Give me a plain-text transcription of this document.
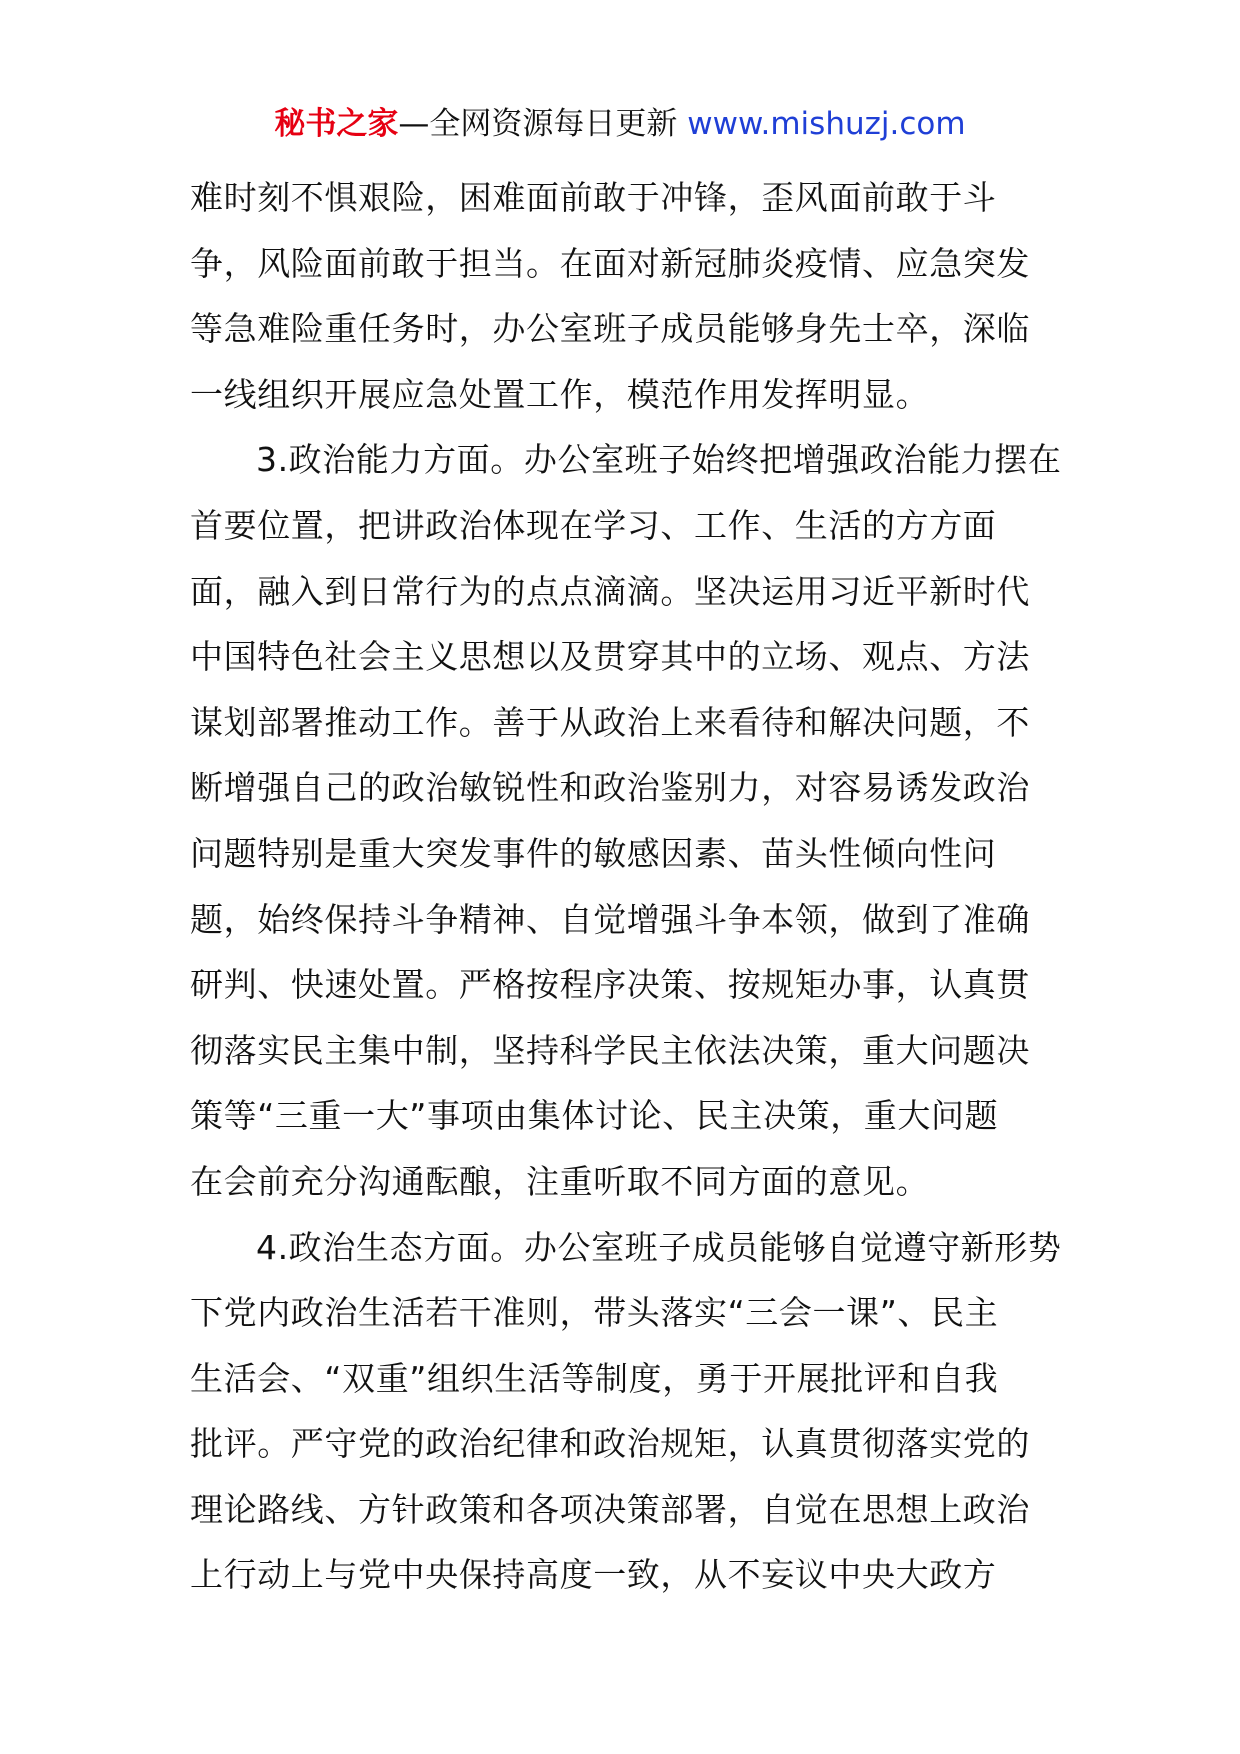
秘书之家—全网资源每日更新 www.mishuzj.com
难时刻不惧艰险，困难面前敢于冲锋，歪风面前敢于斗
争，风险面前敢于担当。在面对新冠肺炎疫情、应急突发
等急难险重任务时，办公室班子成员能够身先士卒，深临
一线组织开展应急处置工作，模范作用发挥明显。
3.政治能力方面。办公室班子始终把增强政治能力摆在
首要位置，把讲政治体现在学习、工作、生活的方方面
面，融入到日常行为的点点滴滴。坚决运用习近平新时代
中国特色社会主义思想以及贯穿其中的立场、观点、方法
谋划部署推动工作。善于从政治上来看待和解决问题，不
断增强自己的政治敏锐性和政治鉴别力，对容易诱发政治
问题特别是重大突发事件的敏感因素、苗头性倾向性问
题，始终保持斗争精神、自觉增强斗争本领，做到了准确
研判、快速处置。严格按程序决策、按规矩办事，认真贯
彻落实民主集中制，坚持科学民主依法决策，重大问题决
策等“三重一大”事项由集体讨论、民主决策，重大问题
在会前充分沟通酝酿，注重听取不同方面的意见。
4.政治生态方面。办公室班子成员能够自觉遵守新形势
下党内政治生活若干准则，带头落实“三会一课”、民主
生活会、“双重”组织生活等制度，勇于开展批评和自我
批评。严守党的政治纪律和政治规矩，认真贯彻落实党的
理论路线、方针政策和各项决策部署，自觉在思想上政治
上行动上与党中央保持高度一致，从不妄议中央大政方
